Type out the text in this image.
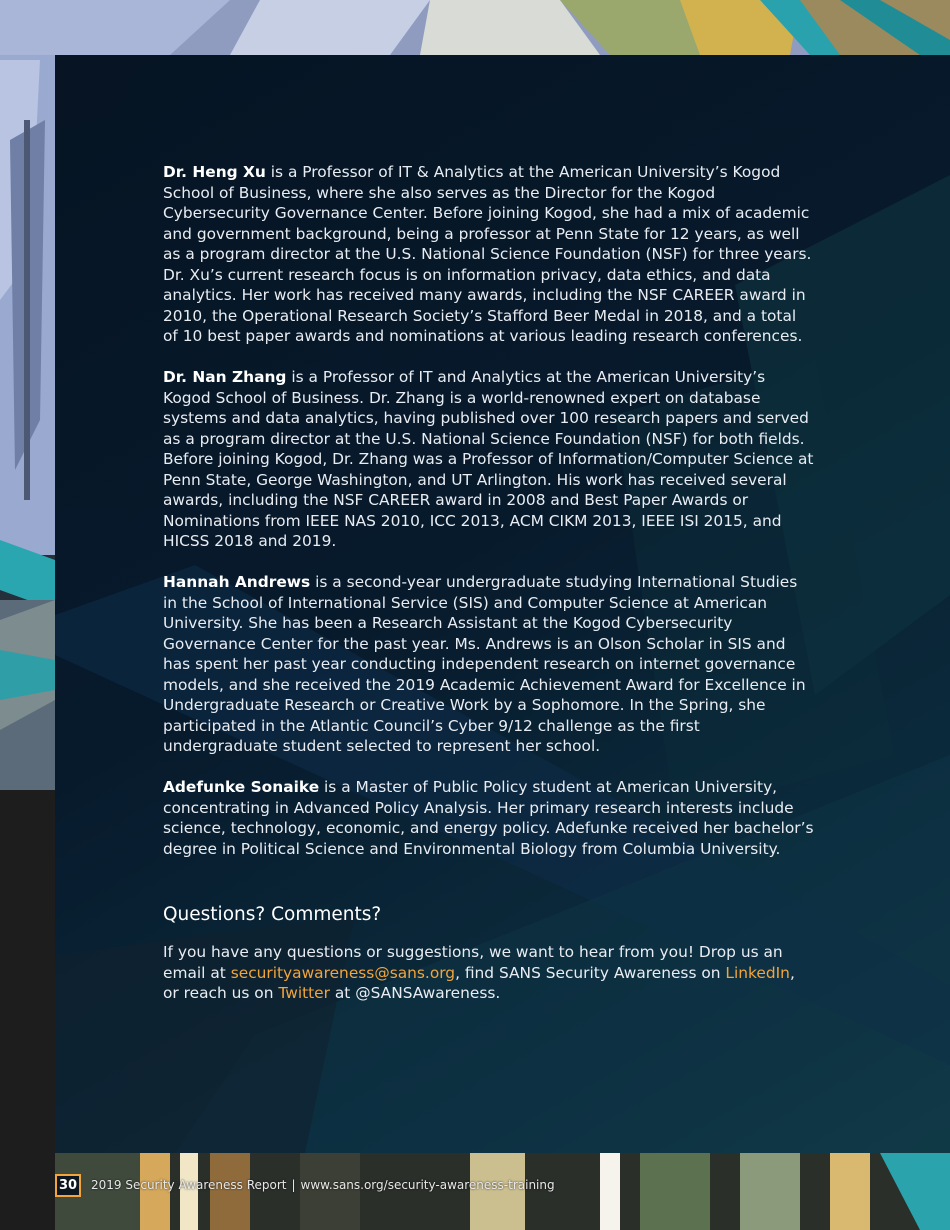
Dr. Heng Xu is a Professor of IT & Analytics at the American University’s Kogod School of Business, where she also serves as the Director for the Kogod Cybersecurity Governance Center. Before joining Kogod, she had a mix of academic and government background, being a professor at Penn State for 12 years, as well as a program director at the U.S. National Science Foundation (NSF) for three years. Dr. Xu’s current research focus is on information privacy, data ethics, and data analytics. Her work has received many awards, including the NSF CAREER award in 2010, the Operational Research Society’s Stafford Beer Medal in 2018, and a total of 10 best paper awards and nominations at various leading research conferences.

Dr. Nan Zhang is a Professor of IT and Analytics at the American University’s Kogod School of Business. Dr. Zhang is a world-renowned expert on database systems and data analytics, having published over 100 research papers and served as a program director at the U.S. National Science Foundation (NSF) for both fields. Before joining Kogod, Dr. Zhang was a Professor of Information/Computer Science at Penn State, George Washington, and UT Arlington. His work has received several awards, including the NSF CAREER award in 2008 and Best Paper Awards or Nominations from IEEE NAS 2010, ICC 2013, ACM CIKM 2013, IEEE ISI 2015, and HICSS 2018 and 2019.

Hannah Andrews is a second-year undergraduate studying International Studies in the School of International Service (SIS) and Computer Science at American University. She has been a Research Assistant at the Kogod Cybersecurity Governance Center for the past year. Ms. Andrews is an Olson Scholar in SIS and has spent her past year conducting independent research on internet governance models, and she received the 2019 Academic Achievement Award for Excellence in Undergraduate Research or Creative Work by a Sophomore. In the Spring, she participated in the Atlantic Council’s Cyber 9/12 challenge as the first undergraduate student selected to represent her school.

Adefunke Sonaike is a Master of Public Policy student at American University, concentrating in Advanced Policy Analysis. Her primary research interests include science, technology, economic, and energy policy. Adefunke received her bachelor’s degree in Political Science and Environmental Biology from Columbia University.

Questions? Comments?

If you have any questions or suggestions, we want to hear from you! Drop us an email at securityawareness@sans.org, find SANS Security Awareness on LinkedIn, or reach us on Twitter at @SANSAwareness.

30	2019 Security Awareness Report | www.sans.org/security-awareness-training
